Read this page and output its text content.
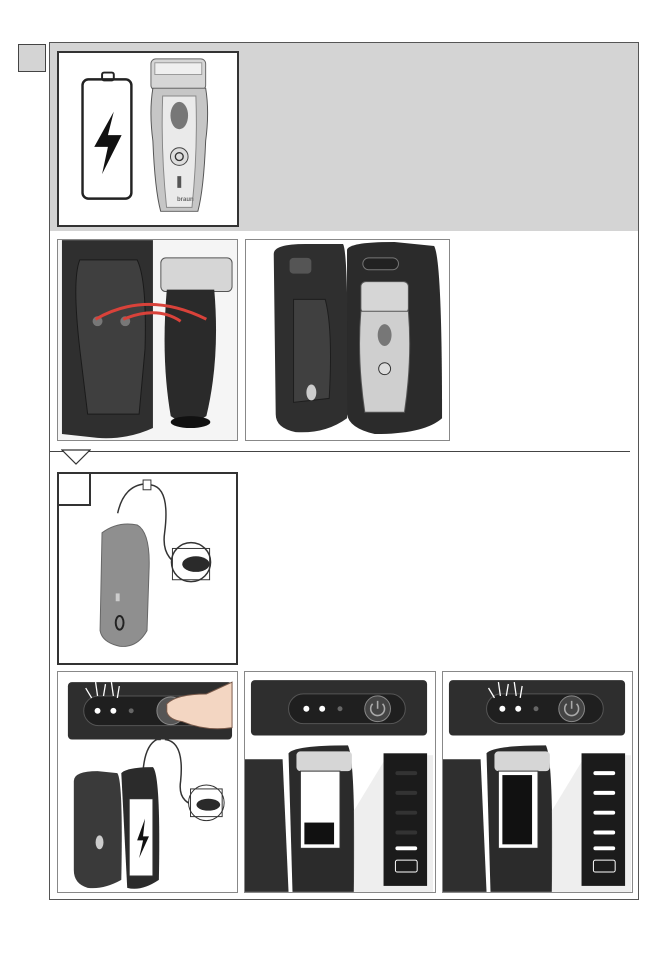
braun
